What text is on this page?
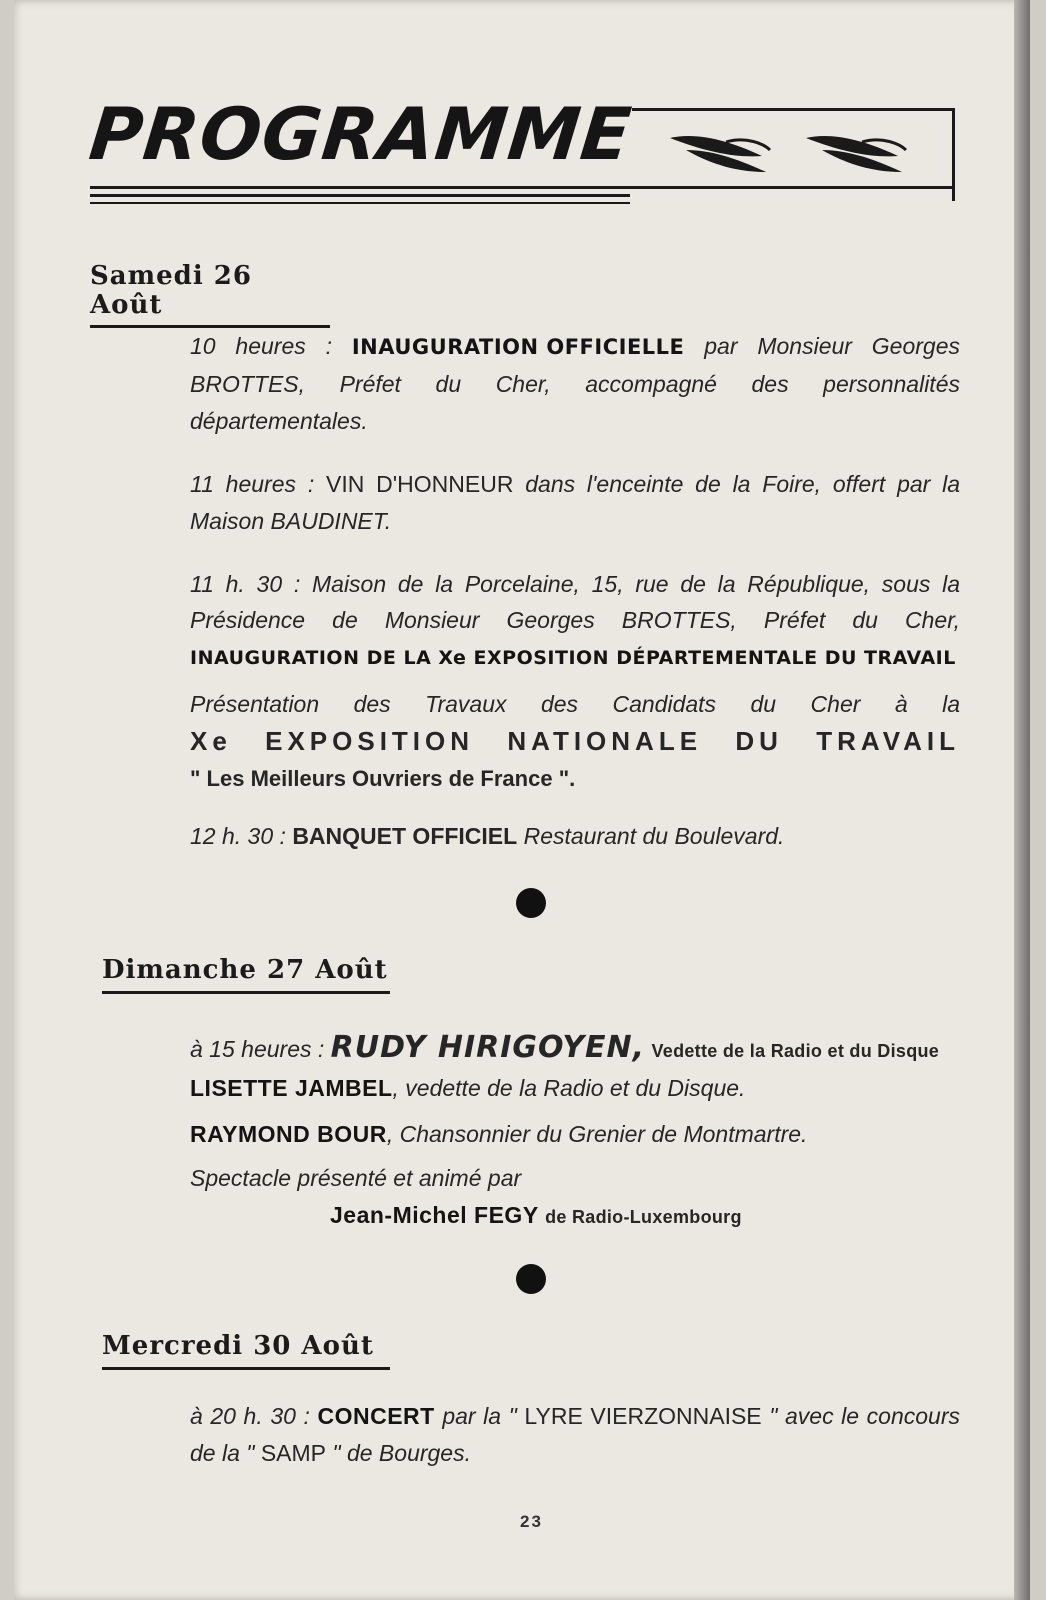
PROGRAMME
Samedi 26 Août
10 heures : INAUGURATION OFFICIELLE par Monsieur Georges BROTTES, Préfet du Cher, accompagné des personnalités départementales.
11 heures : VIN D'HONNEUR dans l'enceinte de la Foire, offert par la Maison BAUDINET.
11 h. 30 : Maison de la Porcelaine, 15, rue de la République, sous la Présidence de Monsieur Georges BROTTES, Préfet du Cher, INAUGURATION DE LA Xe EXPOSITION DÉPARTEMENTALE DU TRAVAIL
Présentation des Travaux des Candidats du Cher à la
Xe EXPOSITION NATIONALE DU TRAVAIL
" Les Meilleurs Ouvriers de France ".
12 h. 30 : BANQUET OFFICIEL Restaurant du Boulevard.
Dimanche 27 Août
à 15 heures : RUDY HIRIGOYEN, Vedette de la Radio et du Disque
LISETTE JAMBEL, vedette de la Radio et du Disque.
RAYMOND BOUR, Chansonnier du Grenier de Montmartre.
Spectacle présenté et animé par
Jean-Michel FEGY de Radio-Luxembourg
Mercredi 30 Août
à 20 h. 30 : CONCERT par la " LYRE VIERZONNAISE " avec le concours de la " SAMP " de Bourges.
23
